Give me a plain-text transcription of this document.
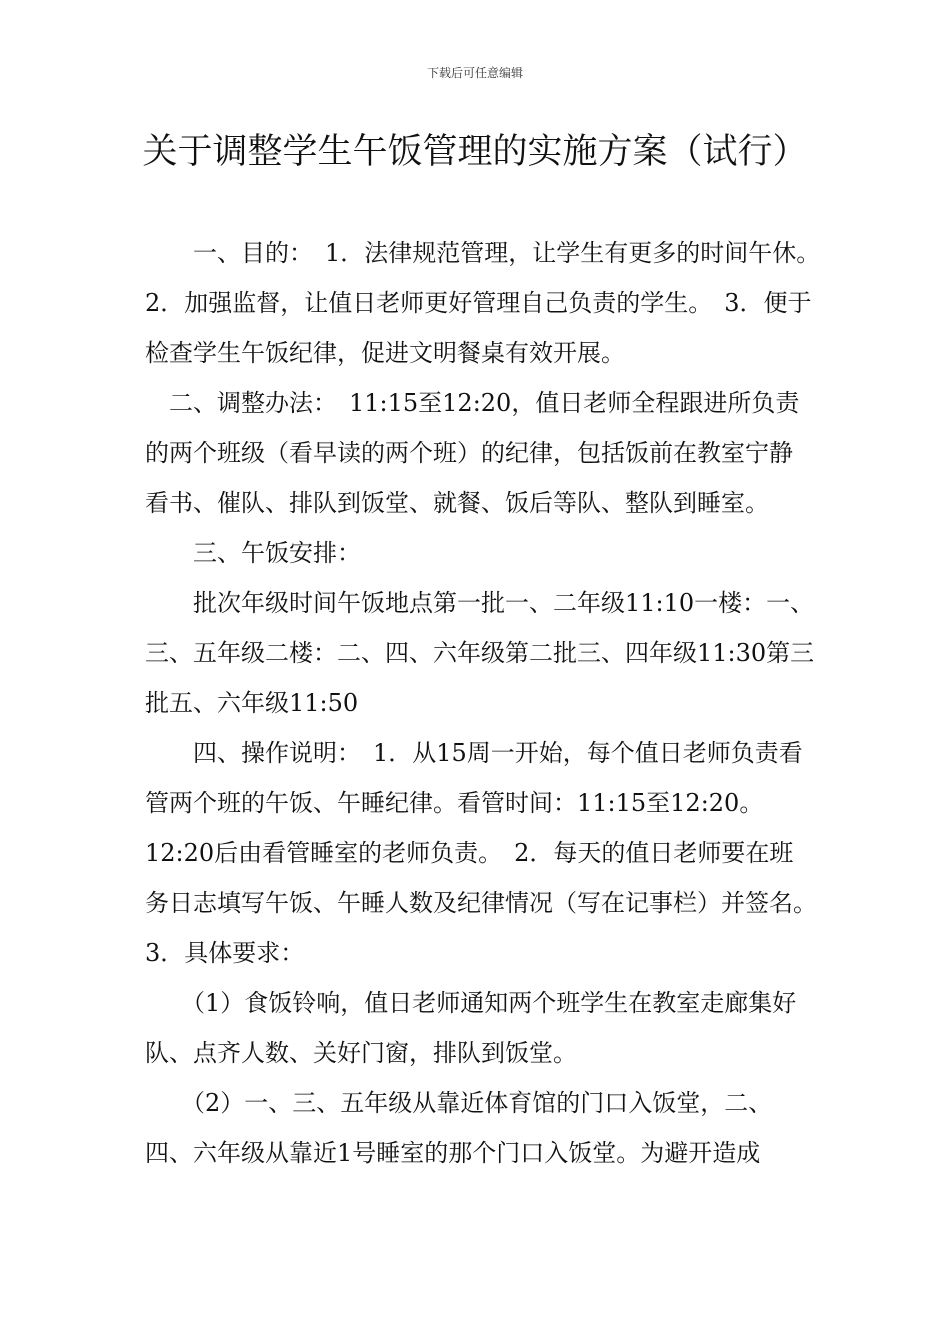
下载后可任意编辑
关于调整学生午饭管理的实施方案（试行）

　　一、目的：　1．法律规范管理，让学生有更多的时间午休。　2．加强监督，让值日老师更好管理自己负责的学生。　3．便于检查学生午饭纪律，促进文明餐桌有效开展。

　二、调整办法：　11:15至12:20，值日老师全程跟进所负责的两个班级（看早读的两个班）的纪律，包括饭前在教室宁静看书、催队、排队到饭堂、就餐、饭后等队、整队到睡室。

　　三、午饭安排：

　　批次年级时间午饭地点第一批一、二年级11:10一楼：一、三、五年级二楼：二、四、六年级第二批三、四年级11:30第三批五、六年级11:50

　　四、操作说明：　1．从15周一开始，每个值日老师负责看管两个班的午饭、午睡纪律。看管时间：11:15至12:20。12:20后由看管睡室的老师负责。　2．每天的值日老师要在班务日志填写午饭、午睡人数及纪律情况（写在记事栏）并签名。　3．具体要求：

　　（1）食饭铃响，值日老师通知两个班学生在教室走廊集好队、点齐人数、关好门窗，排队到饭堂。

　　（2）一、三、五年级从靠近体育馆的门口入饭堂，二、四、六年级从靠近1号睡室的那个门口入饭堂。为避开造成
